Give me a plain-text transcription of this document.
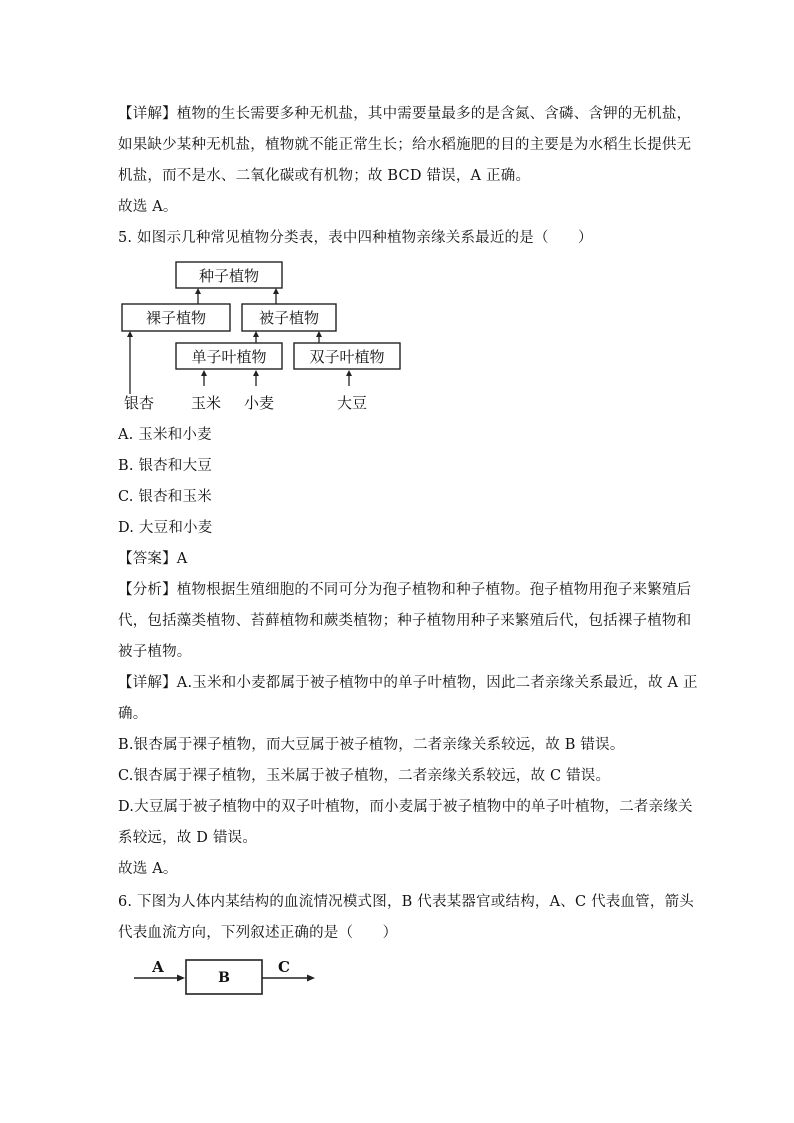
【详解】植物的生长需要多种无机盐，其中需要量最多的是含氮、含磷、含钾的无机盐，
如果缺少某种无机盐，植物就不能正常生长；给水稻施肥的目的主要是为水稻生长提供无
机盐，而不是水、二氧化碳或有机物；故 BCD 错误，A 正确。
故选 A。
5. 如图示几种常见植物分类表，表中四种植物亲缘关系最近的是（　　）
种子植物
裸子植物	被子植物
单子叶植物	双子叶植物
银杏 玉米 小麦	大豆
A. 玉米和小麦
B. 银杏和大豆
C. 银杏和玉米
D. 大豆和小麦
【答案】A
【分析】植物根据生殖细胞的不同可分为孢子植物和种子植物。孢子植物用孢子来繁殖后
代，包括藻类植物、苔藓植物和蕨类植物；种子植物用种子来繁殖后代，包括裸子植物和
被子植物。
【详解】A.玉米和小麦都属于被子植物中的单子叶植物，因此二者亲缘关系最近，故 A 正
确。
B.银杏属于裸子植物，而大豆属于被子植物，二者亲缘关系较远，故 B 错误。
C.银杏属于裸子植物，玉米属于被子植物，二者亲缘关系较远，故 C 错误。
D.大豆属于被子植物中的双子叶植物，而小麦属于被子植物中的单子叶植物，二者亲缘关
系较远，故 D 错误。
故选 A。
6. 下图为人体内某结构的血流情况模式图，B 代表某器官或结构，A、C 代表血管，箭头
代表血流方向，下列叙述正确的是（　　）
A
B
C
